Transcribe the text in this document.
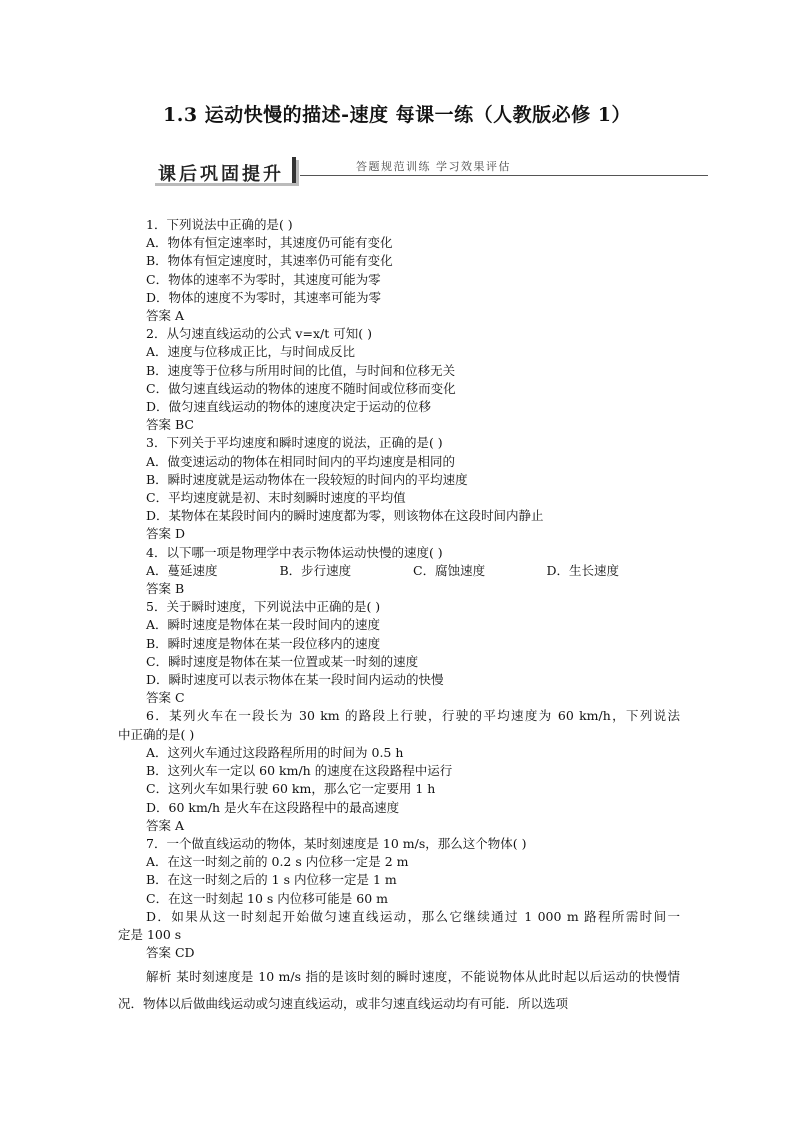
1.3 运动快慢的描述-速度 每课一练（人教版必修 1）
课后巩固提升	答题规范训练 学习效果评估
1．下列说法中正确的是( )
A．物体有恒定速率时，其速度仍可能有变化
B．物体有恒定速度时，其速率仍可能有变化
C．物体的速率不为零时，其速度可能为零
D．物体的速度不为零时，其速率可能为零
答案 A
2．从匀速直线运动的公式 v=x/t 可知( )
A．速度与位移成正比，与时间成反比
B．速度等于位移与所用时间的比值，与时间和位移无关
C．做匀速直线运动的物体的速度不随时间或位移而变化
D．做匀速直线运动的物体的速度决定于运动的位移
答案 BC
3．下列关于平均速度和瞬时速度的说法，正确的是( )
A．做变速运动的物体在相同时间内的平均速度是相同的
B．瞬时速度就是运动物体在一段较短的时间内的平均速度
C．平均速度就是初、末时刻瞬时速度的平均值
D．某物体在某段时间内的瞬时速度都为零，则该物体在这段时间内静止
答案 D
4．以下哪一项是物理学中表示物体运动快慢的速度( )
A．蔓延速度	B．步行速度	C．腐蚀速度	D．生长速度
答案 B
5．关于瞬时速度，下列说法中正确的是( )
A．瞬时速度是物体在某一段时间内的速度
B．瞬时速度是物体在某一段位移内的速度
C．瞬时速度是物体在某一位置或某一时刻的速度
D．瞬时速度可以表示物体在某一段时间内运动的快慢
答案 C
6．某列火车在一段长为 30 km 的路段上行驶，行驶的平均速度为 60 km/h，下列说法
中正确的是( )
A．这列火车通过这段路程所用的时间为 0.5 h
B．这列火车一定以 60 km/h 的速度在这段路程中运行
C．这列火车如果行驶 60 km，那么它一定要用 1 h
D．60 km/h 是火车在这段路程中的最高速度
答案 A
7．一个做直线运动的物体，某时刻速度是 10 m/s，那么这个物体( )
A．在这一时刻之前的 0.2 s 内位移一定是 2 m
B．在这一时刻之后的 1 s 内位移一定是 1 m
C．在这一时刻起 10 s 内位移可能是 60 m
D．如果从这一时刻起开始做匀速直线运动，那么它继续通过 1 000 m 路程所需时间一
定是 100 s
答案 CD
解析 某时刻速度是 10 m/s 指的是该时刻的瞬时速度，不能说物体从此时起以后运动的快慢情况．物体以后做曲线运动或匀速直线运动，或非匀速直线运动均有可能．所以选项
